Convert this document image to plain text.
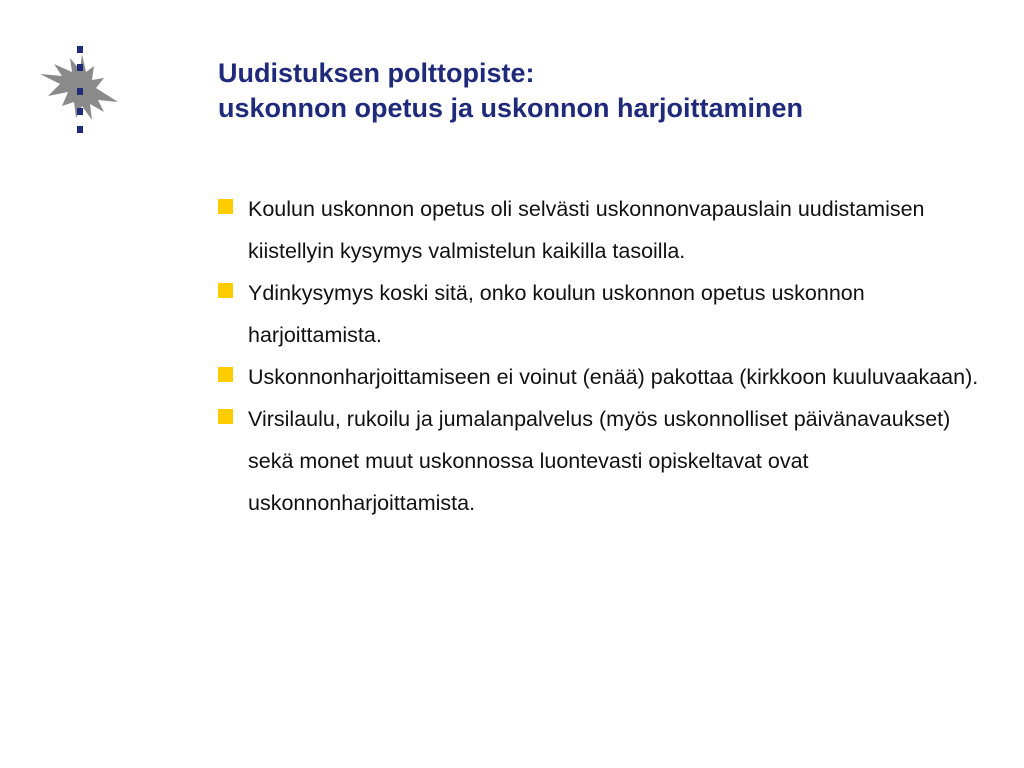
Uudistuksen polttopiste:
uskonnon opetus ja uskonnon harjoittaminen
Koulun uskonnon opetus oli selvästi uskonnonvapauslain uudistamisen kiistellyin kysymys valmistelun kaikilla tasoilla.
Ydinkysymys koski sitä, onko koulun uskonnon opetus uskonnon harjoittamista.
Uskonnonharjoittamiseen ei voinut (enää) pakottaa (kirkkoon kuuluvaakaan).
Virsilaulu, rukoilu ja jumalanpalvelus (myös uskonnolliset päivänavaukset) sekä monet muut uskonnossa luontevasti opiskeltavat ovat uskonnonharjoittamista.
